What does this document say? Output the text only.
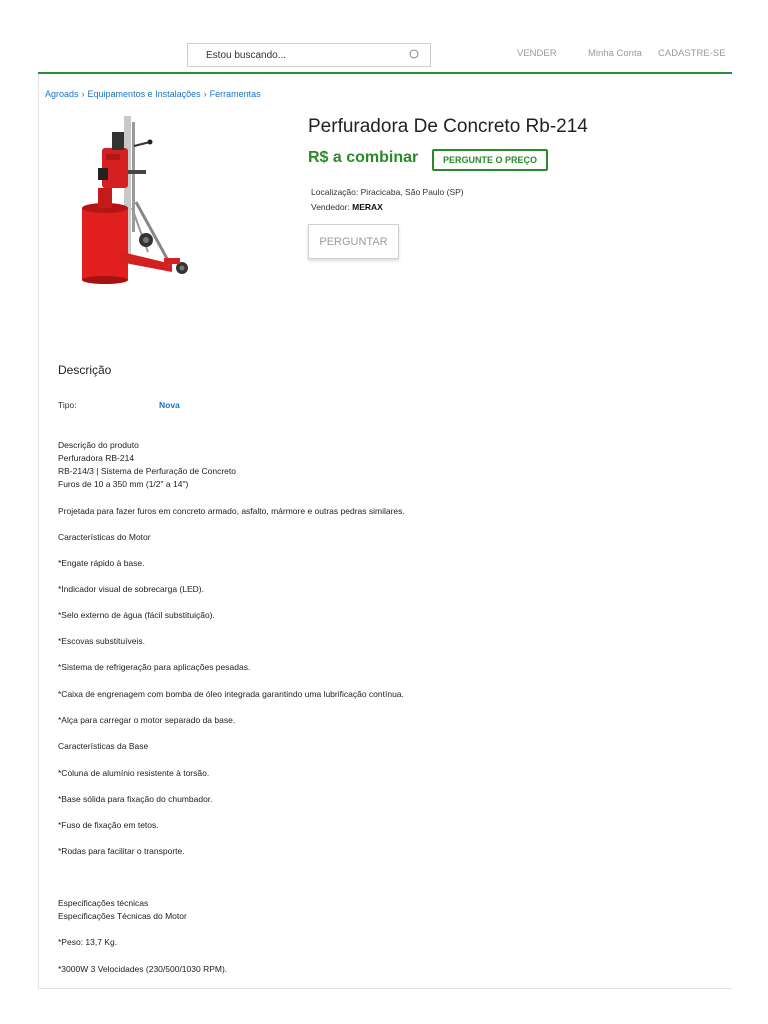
Estou buscando...
VENDER	Minha Conta CADASTRE-SE
Agroads › Equipamentos e Instalações › Ferramentas
Perfuradora De Concreto Rb-214
R$ a combinar	PERGUNTE O PREÇO
Localização: Piracicaba, São Paulo (SP)
Vendedor: MERAX
PERGUNTAR
Descrição
Tipo:	Nova
Descrição do produto
Perfuradora RB-214
RB-214/3 | Sistema de Perfuração de Concreto
Furos de 10 a 350 mm (1/2" a 14")
Projetada para fazer furos em concreto armado, asfalto, mármore e outras pedras similares.
Características do Motor
*Engate rápido à base.
*Indicador visual de sobrecarga (LED).
*Selo externo de água (fácil substituição).
*Escovas substituíveis.
*Sistema de refrigeração para aplicações pesadas.
*Caixa de engrenagem com bomba de óleo integrada garantindo uma lubrificação contínua.
*Alça para carregar o motor separado da base.
Características da Base
*Coluna de alumínio resistente à torsão.
*Base sólida para fixação do chumbador.
*Fuso de fixação em tetos.
*Rodas para facilitar o transporte.
Especificações técnicas
Especificações Técnicas do Motor
*Peso: 13,7 Kg.
*3000W 3 Velocidades (230/500/1030 RPM).
